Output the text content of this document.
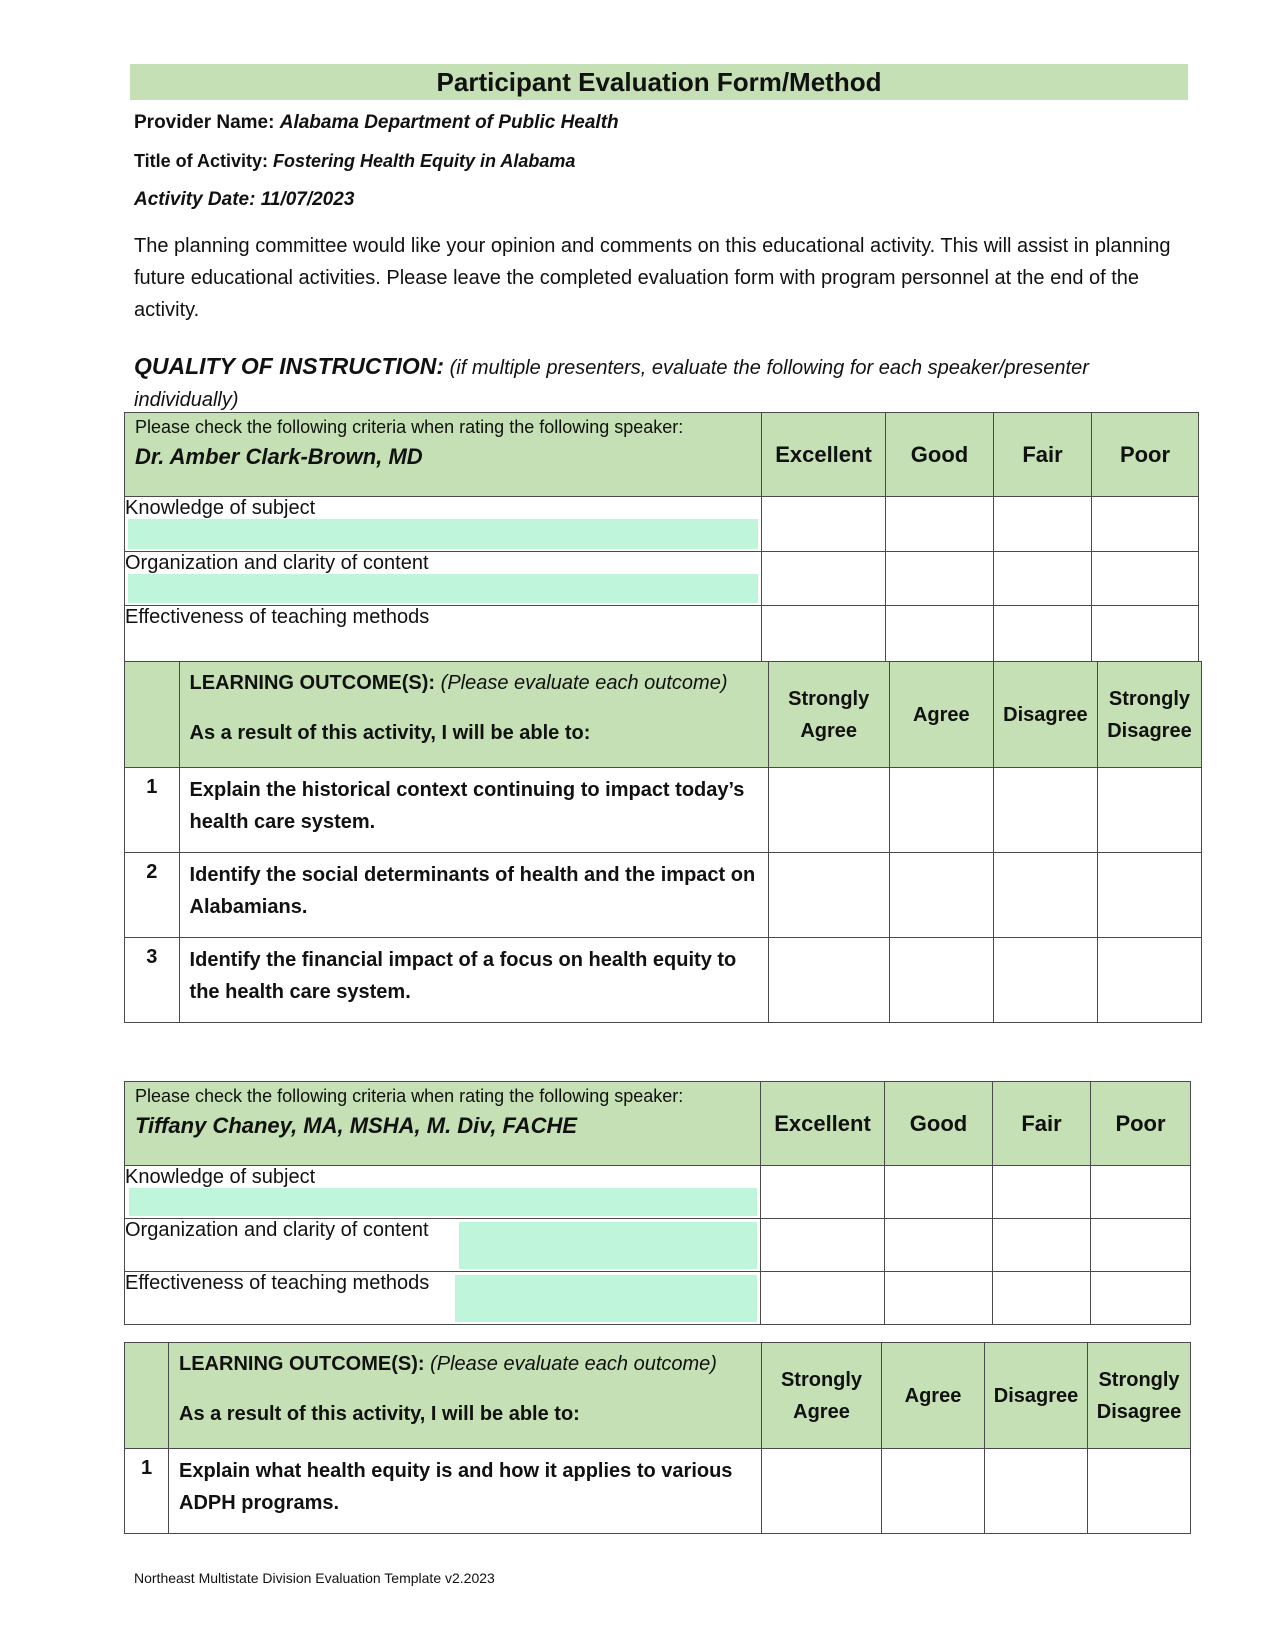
Participant Evaluation Form/Method
Provider Name: Alabama Department of Public Health
Title of Activity: Fostering Health Equity in Alabama
Activity Date: 11/07/2023
The planning committee would like your opinion and comments on this educational activity. This will assist in planning future educational activities. Please leave the completed evaluation form with program personnel at the end of the activity.
QUALITY OF INSTRUCTION: (if multiple presenters, evaluate the following for each speaker/presenter individually)
Please check the following criteria when rating the following speaker:
Dr. Amber Clark-Brown, MD	Excellent	Good	Fair	Poor
Knowledge of subject

Organization and clarity of content

Effectiveness of teaching methods	

	LEARNING OUTCOME(S): (Please evaluate each outcome)
As a result of this activity, I will be able to:	Strongly Agree	Agree	Disagree	Strongly Disagree
1	Explain the historical context continuing to impact today’s health care system.	

2	Identify the social determinants of health and the impact on Alabamians.	

3	Identify the financial impact of a focus on health equity to the health care system.	

Please check the following criteria when rating the following speaker:
Tiffany Chaney, MA, MSHA, M. Div, FACHE	Excellent	Good	Fair	Poor
Knowledge of subject

Organization and clarity of content

Effectiveness of teaching methods

	LEARNING OUTCOME(S): (Please evaluate each outcome)
As a result of this activity, I will be able to:	Strongly Agree	Agree	Disagree	Strongly Disagree
1	Explain what health equity is and how it applies to various ADPH programs.	

Northeast Multistate Division Evaluation Template v2.2023
